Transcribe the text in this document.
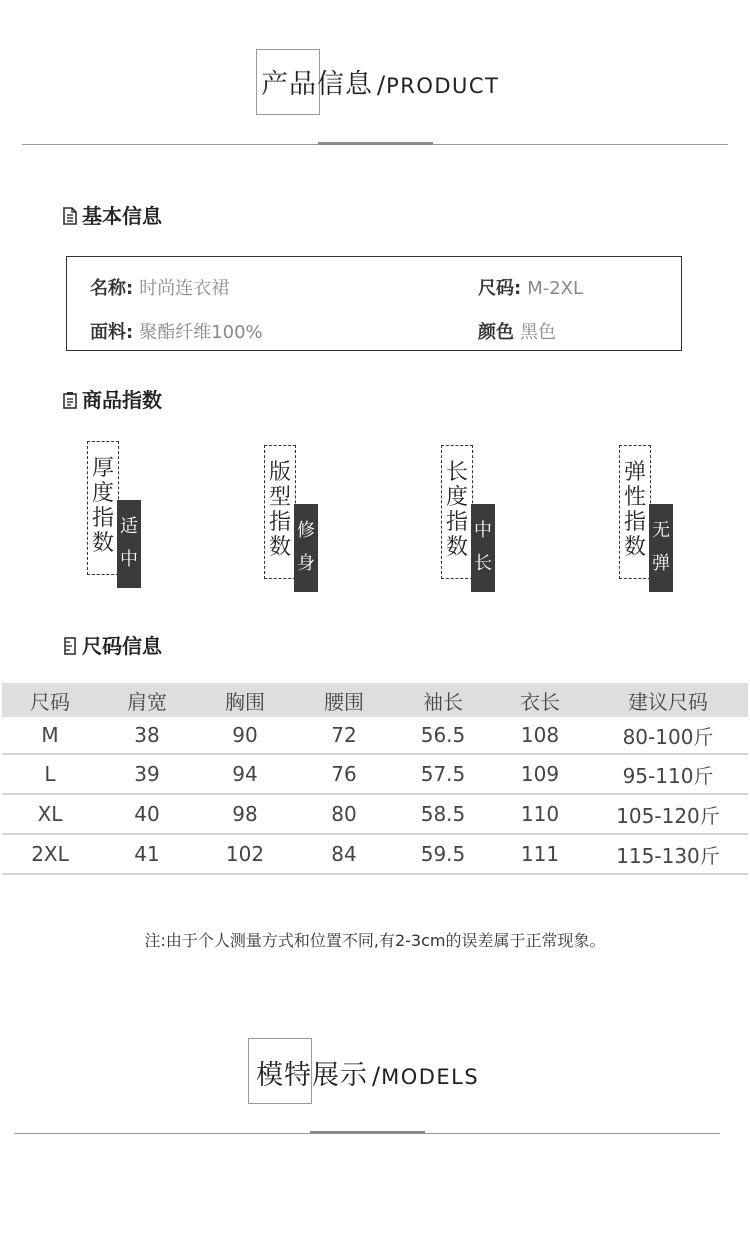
产品信息 /PRODUCT
基本信息
名称: 时尚连衣裙	尺码: M-2XL
面料: 聚酯纤维100%	颜色 黑色
商品指数
厚
度
指
数
适
中
版
型
指
数
修
身
长
度
指
数
中
长
弹
性
指
数
无
弹
尺码信息
尺码	肩宽	胸围	腰围	袖长	衣长	建议尺码
M	38	90	72	56.5	108	80-100斤
L	39	94	76	57.5	109	95-110斤
XL	40	98	80	58.5	110	105-120斤
2XL	41	102	84	59.5	111	115-130斤
注:由于个人测量方式和位置不同,有2-3cm的误差属于正常现象。
模特展示 /MODELS
